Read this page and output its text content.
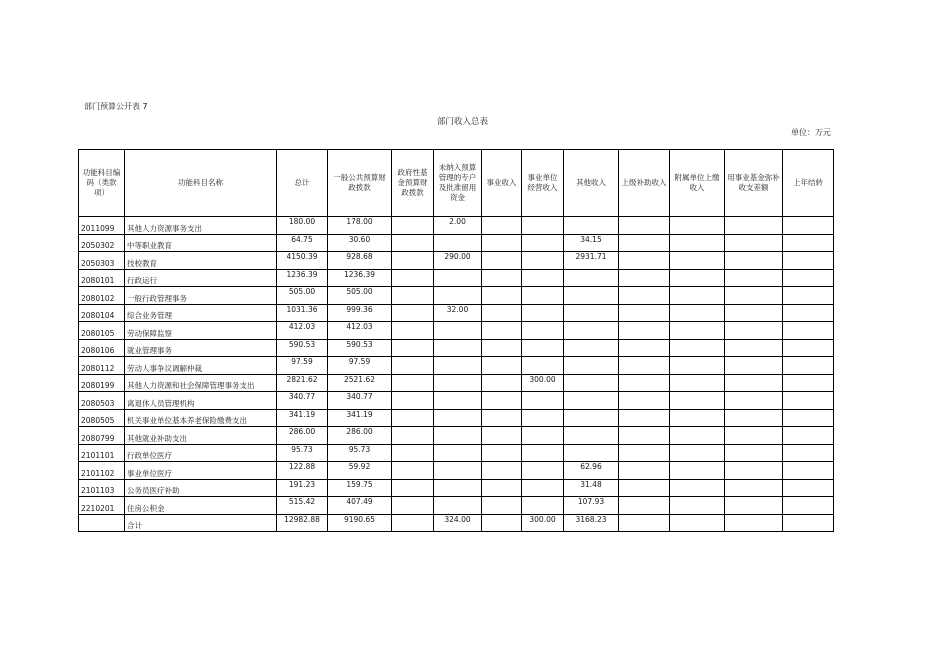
部门预算公开表 7
部门收入总表
单位：万元
功能科目编码（类款项）	功能科目名称	总计	一般公共预算财政拨款	政府性基金预算财政拨款	未纳入预算管理的专户及批准留用资金	事业收入	事业单位经营收入	其他收入	上级补助收入	附属单位上缴收入	用事业基金弥补收支差额	上年结转
2011099	其他人力资源事务支出	180.00	178.00		2.00							
2050302	中等职业教育	64.75	30.60					34.15				
2050303	技校教育	4150.39	928.68		290.00			2931.71				
2080101	行政运行	1236.39	1236.39									
2080102	一般行政管理事务	505.00	505.00									
2080104	综合业务管理	1031.36	999.36		32.00							
2080105	劳动保障监察	412.03	412.03									
2080106	就业管理事务	590.53	590.53									
2080112	劳动人事争议调解仲裁	97.59	97.59									
2080199	其他人力资源和社会保障管理事务支出	2821.62	2521.62				300.00					
2080503	离退休人员管理机构	340.77	340.77									
2080505	机关事业单位基本养老保险缴费支出	341.19	341.19									
2080799	其他就业补助支出	286.00	286.00									
2101101	行政单位医疗	95.73	95.73									
2101102	事业单位医疗	122.88	59.92					62.96				
2101103	公务员医疗补助	191.23	159.75					31.48				
2210201	住房公积金	515.42	407.49					107.93				
	合计	12982.88	9190.65		324.00		300.00	3168.23				
